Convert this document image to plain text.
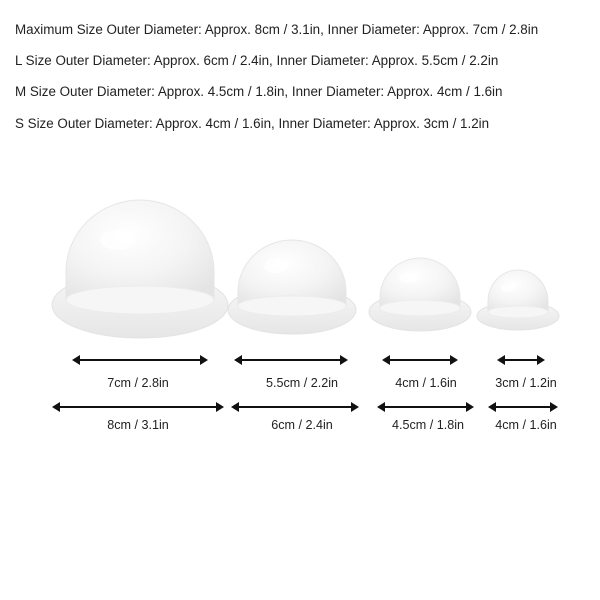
Maximum Size Outer Diameter: Approx. 8cm / 3.1in, Inner Diameter: Approx. 7cm / 2.8in
L Size Outer Diameter: Approx. 6cm / 2.4in, Inner Diameter: Approx. 5.5cm / 2.2in
M Size Outer Diameter: Approx. 4.5cm / 1.8in, Inner Diameter: Approx. 4cm / 1.6in
S Size Outer Diameter: Approx. 4cm / 1.6in, Inner Diameter: Approx. 3cm / 1.2in
7cm / 2.8in	5.5cm / 2.2in	4cm / 1.6in	3cm / 1.2in
8cm / 3.1in	6cm / 2.4in	4.5cm / 1.8in	4cm / 1.6in
